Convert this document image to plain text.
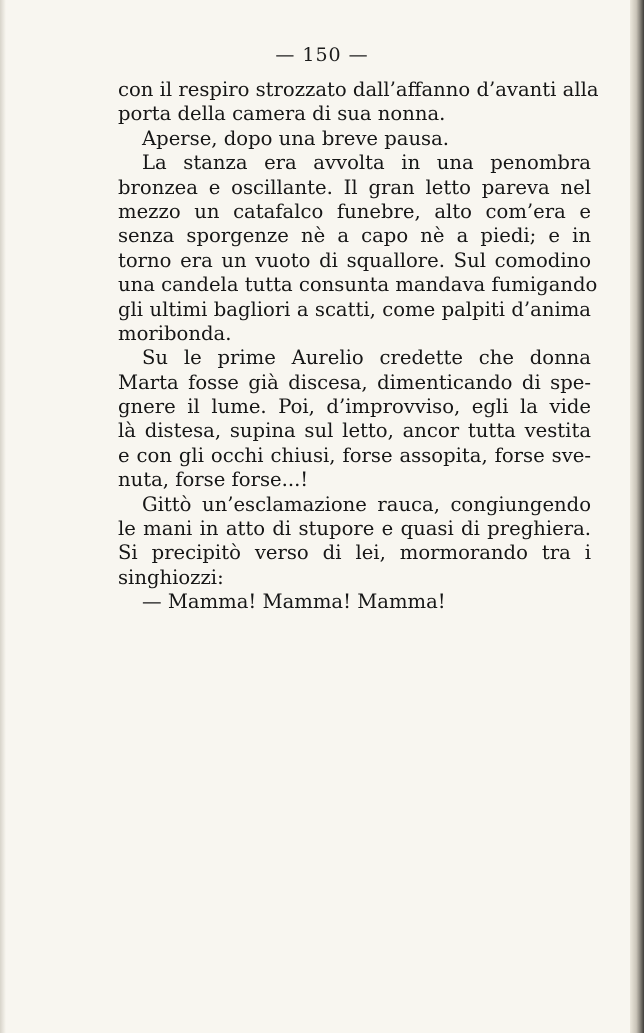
— 150 —
con il respiro strozzato dall’affanno d’avanti alla
porta della camera di sua nonna.
Aperse, dopo una breve pausa.
La stanza era avvolta in una penombra
bronzea e oscillante. Il gran letto pareva nel
mezzo un catafalco funebre, alto com’era e
senza sporgenze nè a capo nè a piedi; e in
torno era un vuoto di squallore. Sul comodino
una candela tutta consunta mandava fumigando
gli ultimi bagliori a scatti, come palpiti d’anima
moribonda.
Su le prime Aurelio credette che donna
Marta fosse già discesa, dimenticando di spe-
gnere il lume. Poi, d’improvviso, egli la vide
là distesa, supina sul letto, ancor tutta vestita
e con gli occhi chiusi, forse assopita, forse sve-
nuta, forse forse...!
Gittò un’esclamazione rauca, congiungendo
le mani in atto di stupore e quasi di preghiera.
Si precipitò verso di lei, mormorando tra i
singhiozzi:
— Mamma! Mamma! Mamma!
